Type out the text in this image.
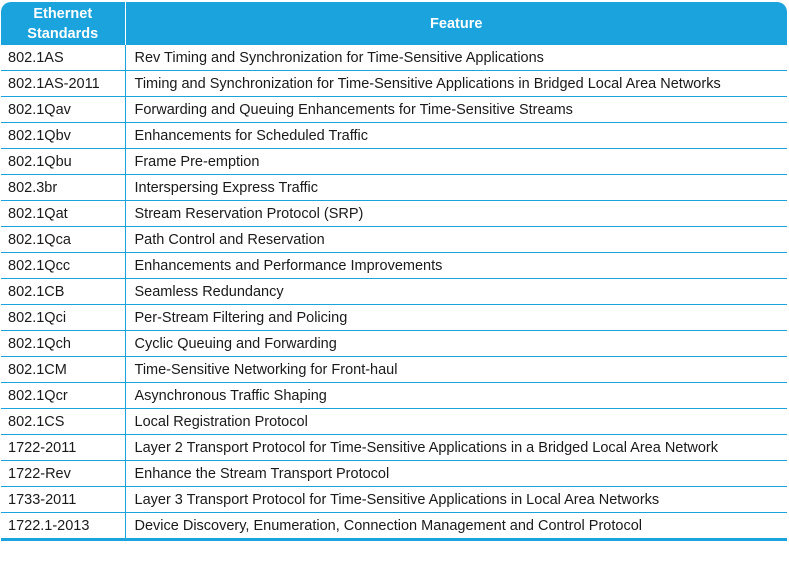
Ethernet
Standards	Feature
802.1AS	Rev Timing and Synchronization for Time-Sensitive Applications
802.1AS-2011	Timing and Synchronization for Time-Sensitive Applications in Bridged Local Area Networks
802.1Qav	Forwarding and Queuing Enhancements for Time-Sensitive Streams
802.1Qbv	Enhancements for Scheduled Traffic
802.1Qbu	Frame Pre-emption
802.3br	Interspersing Express Traffic
802.1Qat	Stream Reservation Protocol (SRP)
802.1Qca	Path Control and Reservation
802.1Qcc	Enhancements and Performance Improvements
802.1CB	Seamless Redundancy
802.1Qci	Per-Stream Filtering and Policing
802.1Qch	Cyclic Queuing and Forwarding
802.1CM	Time-Sensitive Networking for Front-haul
802.1Qcr	Asynchronous Traffic Shaping
802.1CS	Local Registration Protocol
1722-2011	Layer 2 Transport Protocol for Time-Sensitive Applications in a Bridged Local Area Network
1722-Rev	Enhance the Stream Transport Protocol
1733-2011	Layer 3 Transport Protocol for Time-Sensitive Applications in Local Area Networks
1722.1-2013	Device Discovery, Enumeration, Connection Management and Control Protocol
